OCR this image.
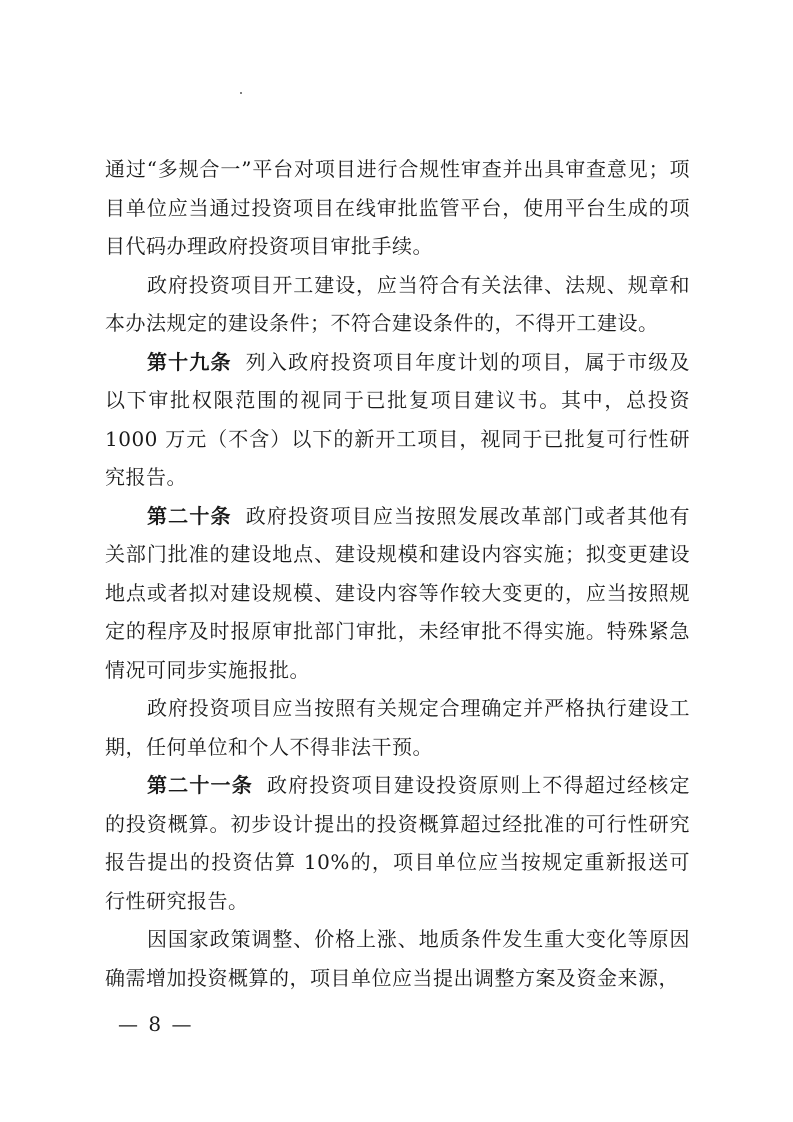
通过“多规合一”平台对项目进行合规性审查并出具审查意见；项目单位应当通过投资项目在线审批监管平台，使用平台生成的项目代码办理政府投资项目审批手续。

政府投资项目开工建设，应当符合有关法律、法规、规章和本办法规定的建设条件；不符合建设条件的，不得开工建设。

第十九条 列入政府投资项目年度计划的项目，属于市级及以下审批权限范围的视同于已批复项目建议书。其中，总投资1000 万元（不含）以下的新开工项目，视同于已批复可行性研究报告。

第二十条 政府投资项目应当按照发展改革部门或者其他有关部门批准的建设地点、建设规模和建设内容实施；拟变更建设地点或者拟对建设规模、建设内容等作较大变更的，应当按照规定的程序及时报原审批部门审批，未经审批不得实施。特殊紧急情况可同步实施报批。

政府投资项目应当按照有关规定合理确定并严格执行建设工期，任何单位和个人不得非法干预。

第二十一条 政府投资项目建设投资原则上不得超过经核定的投资概算。初步设计提出的投资概算超过经批准的可行性研究报告提出的投资估算 10%的，项目单位应当按规定重新报送可行性研究报告。

因国家政策调整、价格上涨、地质条件发生重大变化等原因确需增加投资概算的，项目单位应当提出调整方案及资金来源，

— 8 —
